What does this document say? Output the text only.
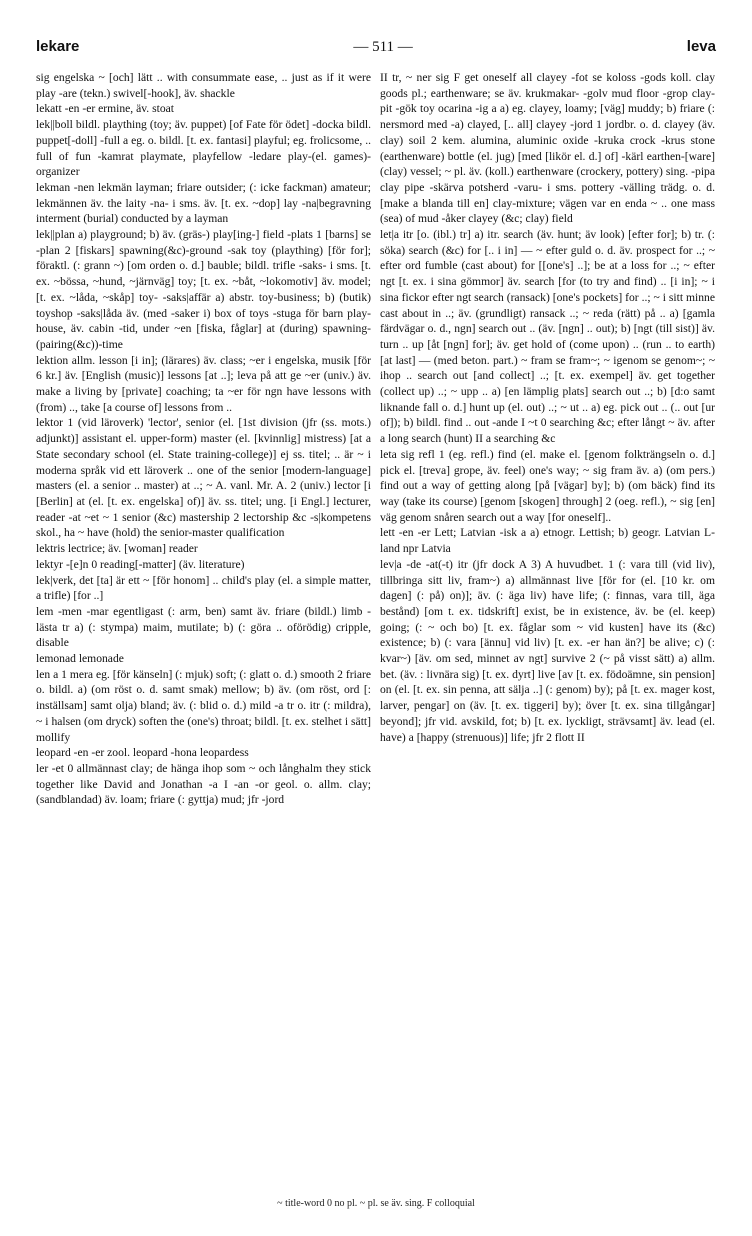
lekare	— 511 —	leva

sig engelska ~ [och] lätt .. with consummate ease, .. just as if it were play -are (tekn.) swivel[-hook], äv. shackle

lekatt -en -er ermine, äv. stoat

lek||boll bildl. plaything (toy; äv. puppet) [of Fate för ödet] -docka bildl. puppet[-doll] -full a eg. o. bildl. [t. ex. fantasi] playful; eg. frolicsome, .. full of fun -kamrat playmate, playfellow -ledare play-(el. games)-organizer

lekman -nen lekmän layman; friare outsider; (: icke fackman) amateur; lekmännen äv. the laity -na- i sms. äv. [t. ex. ~dop] lay -na|begravning interment (burial) conducted by a layman

lek||plan a) playground; b) äv. (gräs-) play[ing-] field -plats 1 [barns] se -plan 2 [fiskars] spawning(&c)-ground -sak toy (plaything) [för for]; föraktl. (: grann ~) [om orden o. d.] bauble; bildl. trifle -saks- i sms. [t. ex. ~bössa, ~hund, ~järnväg] toy; [t. ex. ~båt, ~lokomotiv] äv. model; [t. ex. ~låda, ~skåp] toy- -saks|affär a) abstr. toy-business; b) (butik) toyshop -saks|låda äv. (med -saker i) box of toys -stuga för barn play-house, äv. cabin -tid, under ~en [fiska, fåglar] at (during) spawning-(pairing(&c))-time

lektion allm. lesson [i in]; (lärares) äv. class; ~er i engelska, musik [för 6 kr.] äv. [English (music)] lessons [at ..]; leva på att ge ~er (univ.) äv. make a living by [private] coaching; ta ~er för ngn have lessons with (from) .., take [a course of] lessons from ..

lektor 1 (vid läroverk) 'lector', senior (el. [1st division (jfr (ss. mots.) adjunkt)] assistant el. upper-form) master (el. [kvinnlig] mistress) [at a State secondary school (el. State training-college)] ej ss. titel; .. är ~ i moderna språk vid ett läroverk .. one of the senior [modern-language] masters (el. a senior .. master) at ..; ~ A. vanl. Mr. A. 2 (univ.) lector [i [Berlin] at (el. [t. ex. engelska] of)] äv. ss. titel; ung. [i Engl.] lecturer, reader -at ~et ~ 1 senior (&c) mastership 2 lectorship &c -s|kompetens skol., ha ~ have (hold) the senior-master qualification

lektris lectrice; äv. [woman] reader

lektyr -[e]n 0 reading[-matter] (äv. literature)

lek|verk, det [ta] är ett ~ [för honom] .. child's play (el. a simple matter, a trifle) [for ..]

lem -men -mar egentligast (: arm, ben) samt äv. friare (bildl.) limb -lästa tr a) (: stympa) maim, mutilate; b) (: göra .. oförödig) cripple, disable

lemonad lemonade

len a 1 mera eg. [för känseln] (: mjuk) soft; (: glatt o. d.) smooth 2 friare o. bildl. a) (om röst o. d. samt smak) mellow; b) äv. (om röst, ord [: inställsam] samt olja) bland; äv. (: blid o. d.) mild -a tr o. itr (: mildra), ~ i halsen (om dryck) soften the (one's) throat; bildl. [t. ex. stelhet i sätt] mollify

leopard -en -er zool. leopard -hona leopardess

ler -et 0 allmännast clay; de hänga ihop som ~ och långhalm they stick together like David and Jonathan -a I -an -or geol. o. allm. clay; (sandblandad) äv. loam; friare (: gyttja) mud; jfr -jord

II tr, ~ ner sig F get oneself all clayey -fot se koloss -gods koll. clay goods pl.; earthenware; se äv. krukmakar- -golv mud floor -grop clay-pit -gök toy ocarina -ig a a) eg. clayey, loamy; [väg] muddy; b) friare (: nersmord med -a) clayed, [.. all] clayey -jord 1 jordbr. o. d. clayey (äv. clay) soil 2 kem. alumina, aluminic oxide -kruka crock -krus stone (earthenware) bottle (el. jug) [med [likör el. d.] of] -kärl earthen-[ware] (clay) vessel; ~ pl. äv. (koll.) earthenware (crockery, pottery) sing. -pipa clay pipe -skärva potsherd -varu- i sms. pottery -välling trädg. o. d. [make a blanda till en] clay-mixture; vägen var en enda ~ .. one mass (sea) of mud -åker clayey (&c; clay) field

let|a itr [o. (ibl.) tr] a) itr. search (äv. hunt; äv look) [efter for]; b) tr. (: söka) search (&c) for [.. i in] — ~ efter guld o. d. äv. prospect for ..; ~ efter ord fumble (cast about) for [[one's] ..]; be at a loss for ..; ~ efter ngt [t. ex. i sina gömmor] äv. search [for (to try and find) .. [i in]; ~ i sina fickor efter ngt search (ransack) [one's pockets] for ..; ~ i sitt minne cast about in ..; äv. (grundligt) ransack ..; ~ reda (rätt) på .. a) [gamla färdvägar o. d., ngn] search out .. (äv. [ngn] .. out); b) [ngt (till sist)] äv. turn .. up [åt [ngn] for]; äv. get hold of (come upon) .. (run .. to earth) [at last] — (med beton. part.) ~ fram se fram~; ~ igenom se genom~; ~ ihop .. search out [and collect] ..; [t. ex. exempel] äv. get together (collect up) ..; ~ upp .. a) [en lämplig plats] search out ..; b) [d:o samt liknande fall o. d.] hunt up (el. out) ..; ~ ut .. a) eg. pick out .. (.. out [ur of]); b) bildl. find .. out -ande I ~t 0 searching &c; efter långt ~ äv. after a long search (hunt) II a searching &c

leta sig refl 1 (eg. refl.) find (el. make el. [genom folkträngseln o. d.] pick el. [treva] grope, äv. feel) one's way; ~ sig fram äv. a) (om pers.) find out a way of getting along [på [vägar] by]; b) (om bäck) find its way (take its course) [genom [skogen] through] 2 (oeg. refl.), ~ sig [en] väg genom snåren search out a way [for oneself]..

lett -en -er Lett; Latvian -isk a a) etnogr. Lettish; b) geogr. Latvian L-land npr Latvia

lev|a -de -at(-t) itr (jfr dock A 3) A huvudbet. 1 (: vara till (vid liv), tillbringa sitt liv, fram~) a) allmännast live [för for (el. [10 kr. om dagen] (: på) on)]; äv. (: äga liv) have life; (: finnas, vara till, äga bestånd) [om t. ex. tidskrift] exist, be in existence, äv. be (el. keep) going; (: ~ och bo) [t. ex. fåglar som ~ vid kusten] have its (&c) existence; b) (: vara [ännu] vid liv) [t. ex. -er han än?] be alive; c) (: kvar~) [äv. om sed, minnet av ngt] survive 2 (~ på visst sätt) a) allm. bet. (äv. : livnära sig) [t. ex. dyrt] live [av [t. ex. födoämne, sin pension] on (el. [t. ex. sin penna, att sälja ..] (: genom) by); på [t. ex. mager kost, larver, pengar] on (äv. [t. ex. tiggeri] by); över [t. ex. sina tillgångar] beyond]; jfr vid. avskild, fot; b) [t. ex. lyckligt, strävsamt] äv. lead (el. have) a [happy (strenuous)] life; jfr 2 flott II

~ title-word 0 no pl. ~ pl. se äv. sing. F colloquial
